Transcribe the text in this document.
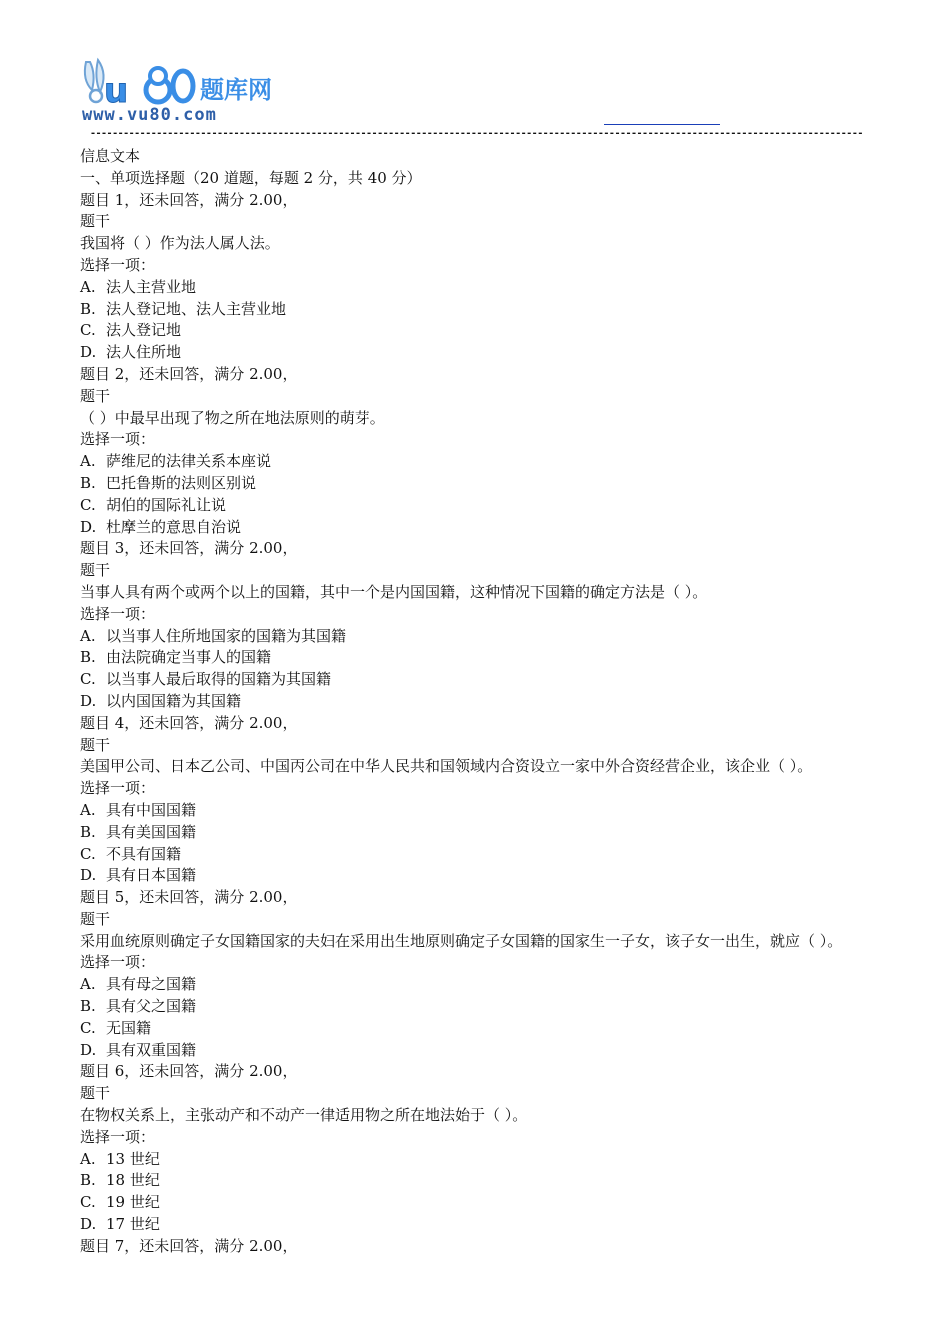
u	题库网
www.vu80.com
--------------------------------------------------------------------------------------------------------------------------------------------
信息文本
一、单项选择题（20 道题，每题 2 分，共 40 分）
题目 1，还未回答，满分 2.00，
题干
我国将（ ）作为法人属人法。
选择一项：
A. 法人主营业地
B. 法人登记地、法人主营业地
C. 法人登记地
D. 法人住所地
题目 2，还未回答，满分 2.00，
题干
（ ）中最早出现了物之所在地法原则的萌芽。
选择一项：
A. 萨维尼的法律关系本座说
B. 巴托鲁斯的法则区别说
C. 胡伯的国际礼让说
D. 杜摩兰的意思自治说
题目 3，还未回答，满分 2.00，
题干
当事人具有两个或两个以上的国籍，其中一个是内国国籍，这种情况下国籍的确定方法是（ ）。
选择一项：
A. 以当事人住所地国家的国籍为其国籍
B. 由法院确定当事人的国籍
C. 以当事人最后取得的国籍为其国籍
D. 以内国国籍为其国籍
题目 4，还未回答，满分 2.00，
题干
美国甲公司、日本乙公司、中国丙公司在中华人民共和国领域内合资设立一家中外合资经营企业，该企业（ ）。
选择一项：
A. 具有中国国籍
B. 具有美国国籍
C. 不具有国籍
D. 具有日本国籍
题目 5，还未回答，满分 2.00，
题干
采用血统原则确定子女国籍国家的夫妇在采用出生地原则确定子女国籍的国家生一子女，该子女一出生，就应（ ）。
选择一项：
A. 具有母之国籍
B. 具有父之国籍
C. 无国籍
D. 具有双重国籍
题目 6，还未回答，满分 2.00，
题干
在物权关系上，主张动产和不动产一律适用物之所在地法始于（ ）。
选择一项：
A. 13 世纪
B. 18 世纪
C. 19 世纪
D. 17 世纪
题目 7，还未回答，满分 2.00，
